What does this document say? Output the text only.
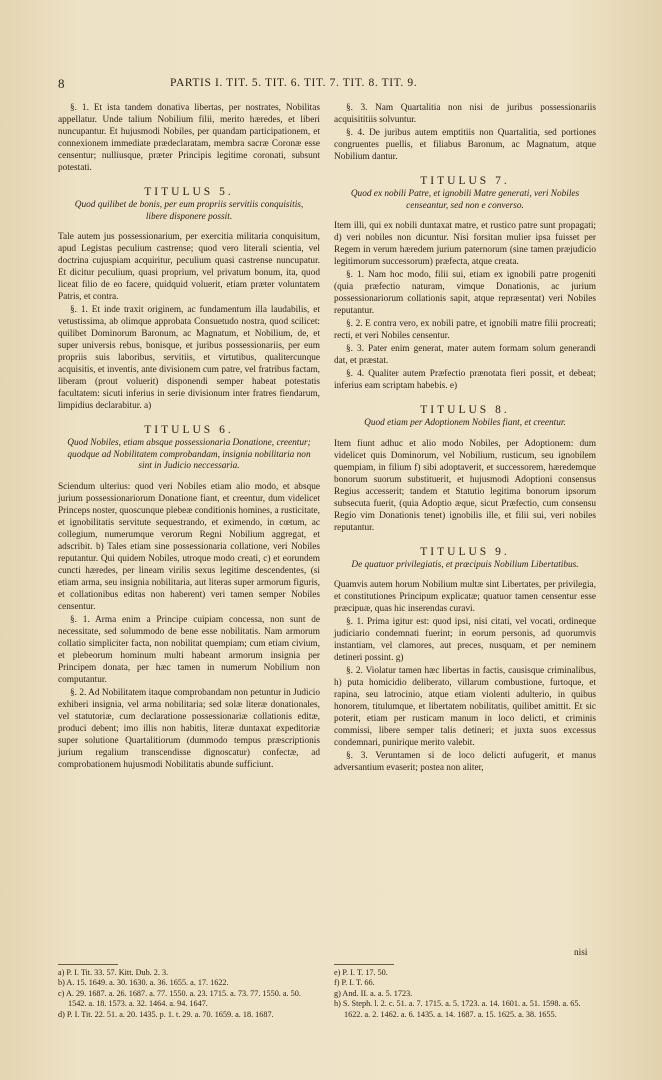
8	PARTIS I. TIT. 5. TIT. 6. TIT. 7. TIT. 8. TIT. 9.

§. 1. Et ista tandem donativa libertas, per nostrates, Nobilitas appellatur. Unde talium Nobilium filii, merito hæredes, et liberi nuncupantur. Et hujusmodi Nobiles, per quandam participationem, et connexionem immediate prædeclaratam, membra sacræ Coronæ esse censentur; nulliusque, præter Principis legitime coronati, subsunt potestati.

TITULUS 5.
Quod quilibet de bonis, per eum propriis servitiis conquisitis, libere disponere possit.

Tale autem jus possessionarium, per exercitia militaria conquisitum, apud Legistas peculium castrense; quod vero literali scientia, vel doctrina cujuspiam acquiritur, peculium quasi castrense nuncupatur. Et dicitur peculium, quasi proprium, vel privatum bonum, ita, quod liceat filio de eo facere, quidquid voluerit, etiam præter voluntatem Patris, et contra.

§. 1. Et inde traxit originem, ac fundamentum illa laudabilis, et vetustissima, ab olimque approbata Consuetudo nostra, quod scilicet: quilibet Dominorum Baronum, ac Magnatum, et Nobilium, de, et super universis rebus, bonisque, et juribus possessionariis, per eum propriis suis laboribus, servitiis, et virtutibus, qualitercunque acquisitis, et inventis, ante divisionem cum patre, vel fratribus factam, liberam (prout voluerit) disponendi semper habeat potestatis facultatem: sicuti inferius in serie divisionum inter fratres fiendarum, limpidius declarabitur. a)

TITULUS 6.
Quod Nobiles, etiam absque possessionaria Donatione, creentur; quodque ad Nobilitatem comprobandam, insignia nobilitaria non sint in Judicio neccessaria.

Sciendum ulterius: quod veri Nobiles etiam alio modo, et absque jurium possessionariorum Donatione fiant, et creentur, dum videlicet Princeps noster, quoscunque plebeæ conditionis homines, a rusticitate, et ignobilitatis servitute sequestrando, et eximendo, in cœtum, ac collegium, numerumque verorum Regni Nobilium aggregat, et adscribit. b) Tales etiam sine possessionaria collatione, veri Nobiles reputantur. Qui quidem Nobiles, utroque modo creati, c) et eorundem cuncti hæredes, per lineam virilis sexus legitime descendentes, (si etiam arma, seu insignia nobilitaria, aut literas super armorum figuris, et collationibus editas non haberent) veri tamen semper Nobiles censentur.

§. 1. Arma enim a Principe cuipiam concessa, non sunt de necessitate, sed solummodo de bene esse nobilitatis. Nam armorum collatio simpliciter facta, non nobilitat quempiam; cum etiam civium, et plebeorum hominum multi habeant armorum insignia per Principem donata, per hæc tamen in numerum Nobilium non computantur.

§. 2. Ad Nobilitatem itaque comprobandam non petuntur in Judicio exhiberi insignia, vel arma nobilitaria; sed solæ literæ donationales, vel statutoriæ, cum declaratione possessionariæ collationis editæ, produci debent; imo illis non habitis, literæ duntaxat expeditoriæ super solutione Quartalitiorum (dummodo tempus præscriptionis jurium regalium transcendisse dignoscatur) confectæ, ad comprobationem hujusmodi Nobilitatis abunde sufficiunt.

§. 3. Nam Quartalitia non nisi de juribus possessionariis acquisititiis solvuntur.

§. 4. De juribus autem emptitiis non Quartalitia, sed portiones congruentes puellis, et filiabus Baronum, ac Magnatum, atque Nobilium dantur.

TITULUS 7.
Quod ex nobili Patre, et ignobili Matre generati, veri Nobiles censeantur, sed non e converso.

Item illi, qui ex nobili duntaxat matre, et rustico patre sunt propagati; d) veri nobiles non dicuntur. Nisi forsitan mulier ipsa fuisset per Regem in verum hæredem jurium paternorum (sine tamen præjudicio legitimorum successorum) præfecta, atque creata.

§. 1. Nam hoc modo, filii sui, etiam ex ignobili patre progeniti (quia præfectio naturam, vimque Donationis, ac jurium possessionariorum collationis sapit, atque repræsentat) veri Nobiles reputantur.

§. 2. E contra vero, ex nobili patre, et ignobili matre filii procreati; recti, et veri Nobiles censentur.

§. 3. Pater enim generat, mater autem formam solum generandi dat, et præstat.

§. 4. Qualiter autem Præfectio prænotata fieri possit, et debeat; inferius eam scriptam habebis. e)

TITULUS 8.
Quod etiam per Adoptionem Nobiles fiant, et creentur.

Item fiunt adhuc et alio modo Nobiles, per Adoptionem: dum videlicet quis Dominorum, vel Nobilium, rusticum, seu ignobilem quempiam, in filium f) sibi adoptaverit, et successorem, hæredemque bonorum suorum substituerit, et hujusmodi Adoptioni consensus Regius accesserit; tandem et Statutio legitima bonorum ipsorum subsecuta fuerit, (quia Adoptio æque, sicut Præfectio, cum consensu Regio vim Donationis tenet) ignobilis ille, et filii sui, veri nobiles reputantur.

TITULUS 9.
De quatuor privilegiatis, et præcipuis Nobilium Libertatibus.

Quamvis autem horum Nobilium multæ sint Libertates, per privilegia, et constitutiones Principum explicatæ; quatuor tamen censentur esse præcipuæ, quas hic inserendas curavi.

§. 1. Prima igitur est: quod ipsi, nisi citati, vel vocati, ordineque judiciario condemnati fuerint; in eorum personis, ad quorumvis instantiam, vel clamores, aut preces, nusquam, et per neminem detineri possint. g)

§. 2. Violatur tamen hæc libertas in factis, causisque criminalibus, h) puta homicidio deliberato, villarum combustione, furtoque, et rapina, seu latrocinio, atque etiam violenti adulterio, in quibus honorem, titulumque, et libertatem nobilitatis, quilibet amittit. Et sic poterit, etiam per rusticam manum in loco delicti, et criminis commissi, libere semper talis detineri; et juxta suos excessus condemnari, punirique merito valebit.

§. 3. Veruntamen si de loco delicti aufugerit, et manus adversantium evaserit; postea non aliter,

nisi

a) P. I. Tit. 33. 57. Kitt. Dub. 2. 3.

b) A. 15. 1649. a. 30. 1630. a. 36. 1655. a. 17. 1622.

c) A. 29. 1687. a. 26. 1687. a. 77. 1550. a. 23. 1715. a. 73. 77. 1550. a. 50. 1542. a. 18. 1573. a. 32. 1464. a. 94. 1647.

d) P. I. Tit. 22. 51. a. 20. 1435. p. 1. t. 29. a. 70. 1659. a. 18. 1687.

e) P. I. T. 17. 50.

f) P. I. T. 66.

g) And. II. a. a. 5. 1723.

h) S. Steph. l. 2. c. 51. a. 7. 1715. a. 5. 1723. a. 14. 1601. a. 51. 1598. a. 65. 1622. a. 2. 1462. a. 6. 1435. a. 14. 1687. a. 15. 1625. a. 38. 1655.
